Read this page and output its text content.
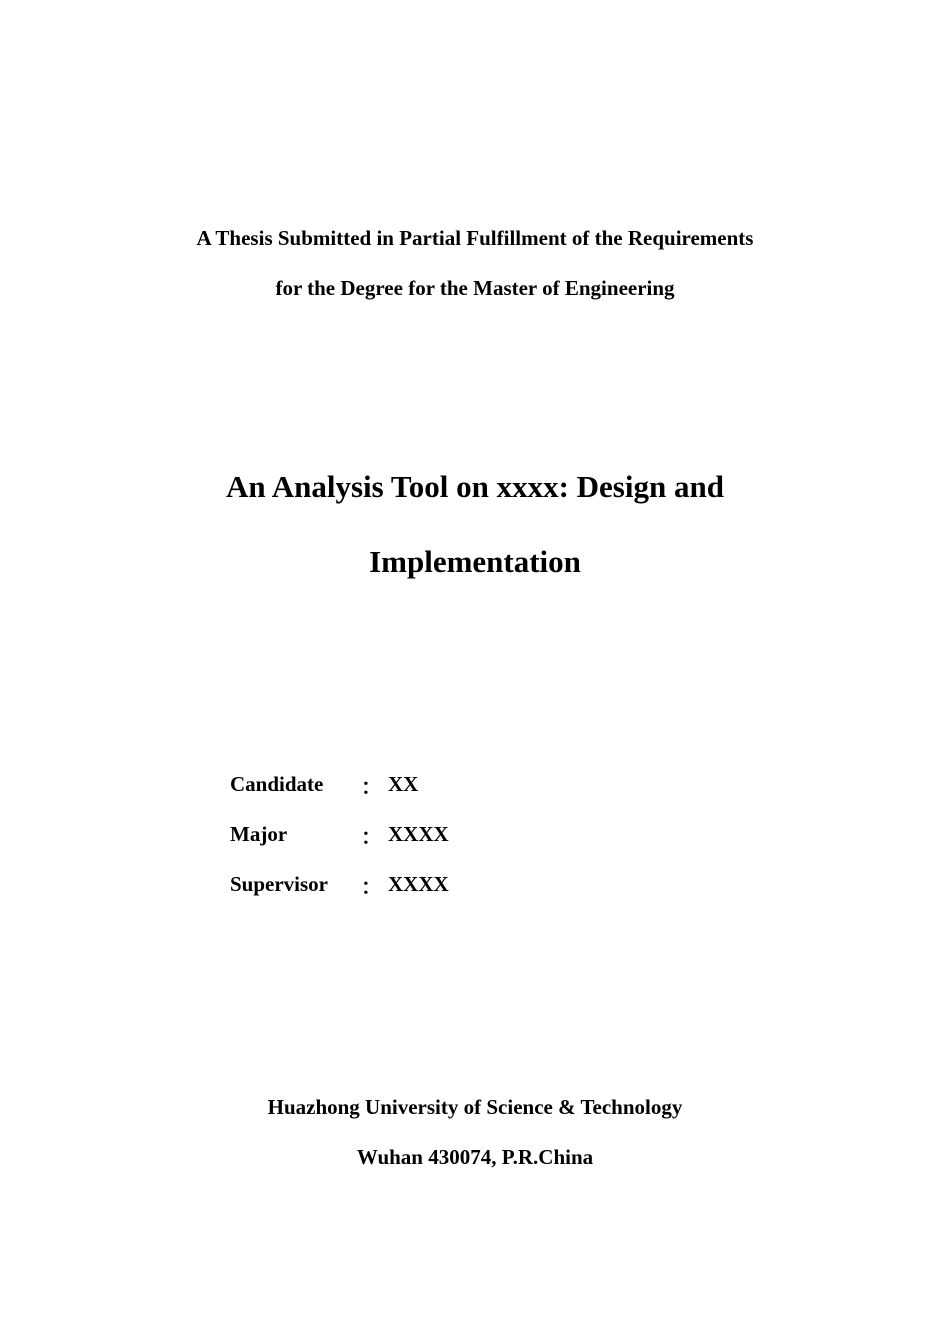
A Thesis Submitted in Partial Fulfillment of the Requirements
for the Degree for the Master of Engineering
An Analysis Tool on xxxx: Design and
Implementation
Candidate ： XX
Major	： XXXX
Supervisor ： XXXX
Huazhong University of Science & Technology
Wuhan 430074, P.R.China
